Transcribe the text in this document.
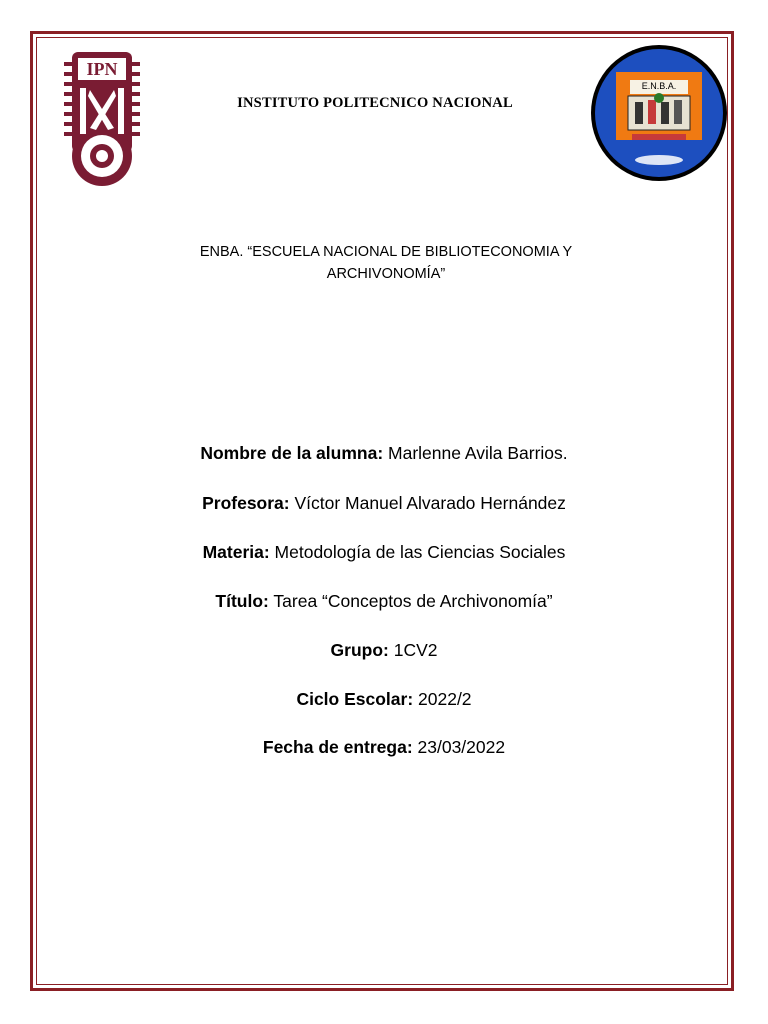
IPN
INSTITUTO POLITECNICO NACIONAL
E.N.B.A.
ENBA. “ESCUELA NACIONAL DE BIBLIOTECONOMIA Y
ARCHIVONOMÍA”
Nombre de la alumna: Marlenne Avila Barrios.
Profesora: Víctor Manuel Alvarado Hernández
Materia: Metodología de las Ciencias Sociales
Título: Tarea “Conceptos de Archivonomía”
Grupo: 1CV2
Ciclo Escolar: 2022/2
Fecha de entrega: 23/03/2022
